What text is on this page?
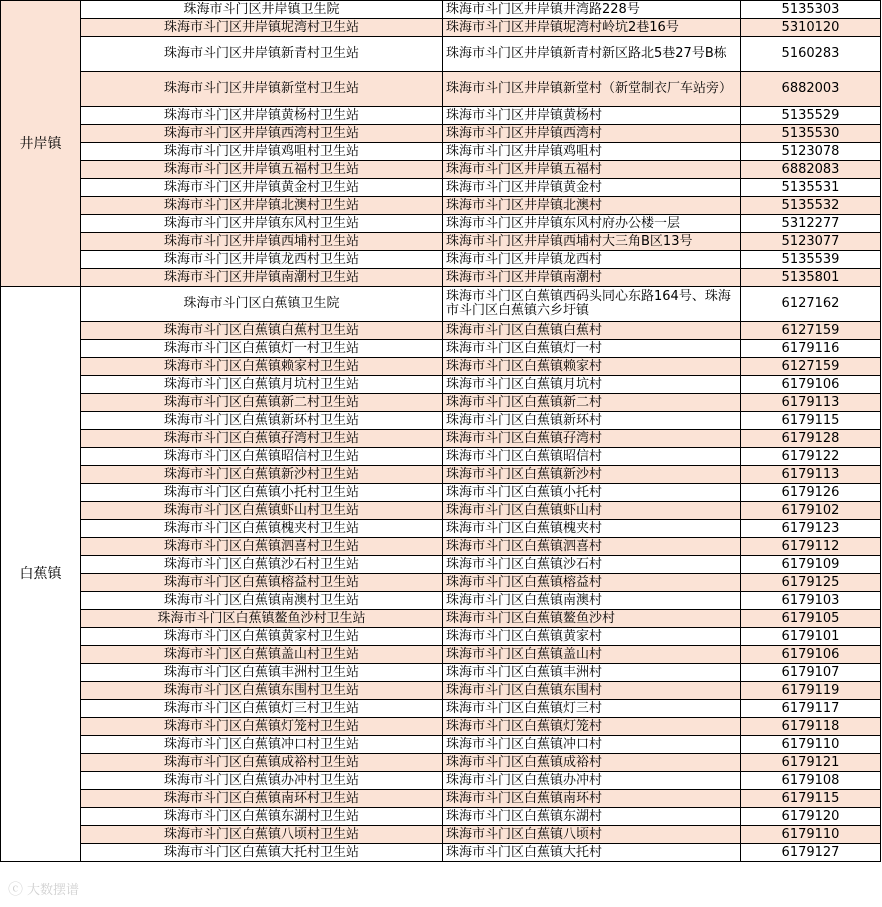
井岸镇	珠海市斗门区井岸镇卫生院	珠海市斗门区井岸镇井湾路228号	5135303
	珠海市斗门区井岸镇坭湾村卫生站	珠海市斗门区井岸镇坭湾村岭坑2巷16号	5310120
	珠海市斗门区井岸镇新青村卫生站	珠海市斗门区井岸镇新青村新区路北5巷27号B栋	5160283
	珠海市斗门区井岸镇新堂村卫生站	珠海市斗门区井岸镇新堂村（新堂制衣厂车站旁）	6882003
	珠海市斗门区井岸镇黄杨村卫生站	珠海市斗门区井岸镇黄杨村	5135529
	珠海市斗门区井岸镇西湾村卫生站	珠海市斗门区井岸镇西湾村	5135530
	珠海市斗门区井岸镇鸡咀村卫生站	珠海市斗门区井岸镇鸡咀村	5123078
	珠海市斗门区井岸镇五福村卫生站	珠海市斗门区井岸镇五福村	6882083
	珠海市斗门区井岸镇黄金村卫生站	珠海市斗门区井岸镇黄金村	5135531
	珠海市斗门区井岸镇北澳村卫生站	珠海市斗门区井岸镇北澳村	5135532
	珠海市斗门区井岸镇东风村卫生站	珠海市斗门区井岸镇东风村府办公楼一层	5312277
	珠海市斗门区井岸镇西埔村卫生站	珠海市斗门区井岸镇西埔村大三角B区13号	5123077
	珠海市斗门区井岸镇龙西村卫生站	珠海市斗门区井岸镇龙西村	5135539
	珠海市斗门区井岸镇南潮村卫生站	珠海市斗门区井岸镇南潮村	5135801
白蕉镇	珠海市斗门区白蕉镇卫生院	珠海市斗门区白蕉镇西码头同心东路164号、珠海市斗门区白蕉镇六乡圩镇	6127162
	珠海市斗门区白蕉镇白蕉村卫生站	珠海市斗门区白蕉镇白蕉村	6127159
	珠海市斗门区白蕉镇灯一村卫生站	珠海市斗门区白蕉镇灯一村	6179116
	珠海市斗门区白蕉镇赖家村卫生站	珠海市斗门区白蕉镇赖家村	6127159
	珠海市斗门区白蕉镇月坑村卫生站	珠海市斗门区白蕉镇月坑村	6179106
	珠海市斗门区白蕉镇新二村卫生站	珠海市斗门区白蕉镇新二村	6179113
	珠海市斗门区白蕉镇新环村卫生站	珠海市斗门区白蕉镇新环村	6179115
	珠海市斗门区白蕉镇孖湾村卫生站	珠海市斗门区白蕉镇孖湾村	6179128
	珠海市斗门区白蕉镇昭信村卫生站	珠海市斗门区白蕉镇昭信村	6179122
	珠海市斗门区白蕉镇新沙村卫生站	珠海市斗门区白蕉镇新沙村	6179113
	珠海市斗门区白蕉镇小托村卫生站	珠海市斗门区白蕉镇小托村	6179126
	珠海市斗门区白蕉镇虾山村卫生站	珠海市斗门区白蕉镇虾山村	6179102
	珠海市斗门区白蕉镇槐夹村卫生站	珠海市斗门区白蕉镇槐夹村	6179123
	珠海市斗门区白蕉镇泗喜村卫生站	珠海市斗门区白蕉镇泗喜村	6179112
	珠海市斗门区白蕉镇沙石村卫生站	珠海市斗门区白蕉镇沙石村	6179109
	珠海市斗门区白蕉镇榕益村卫生站	珠海市斗门区白蕉镇榕益村	6179125
	珠海市斗门区白蕉镇南澳村卫生站	珠海市斗门区白蕉镇南澳村	6179103
	珠海市斗门区白蕉镇鳌鱼沙村卫生站	珠海市斗门区白蕉镇鳌鱼沙村	6179105
	珠海市斗门区白蕉镇黄家村卫生站	珠海市斗门区白蕉镇黄家村	6179101
	珠海市斗门区白蕉镇盖山村卫生站	珠海市斗门区白蕉镇盖山村	6179106
	珠海市斗门区白蕉镇丰洲村卫生站	珠海市斗门区白蕉镇丰洲村	6179107
	珠海市斗门区白蕉镇东围村卫生站	珠海市斗门区白蕉镇东围村	6179119
	珠海市斗门区白蕉镇灯三村卫生站	珠海市斗门区白蕉镇灯三村	6179117
	珠海市斗门区白蕉镇灯笼村卫生站	珠海市斗门区白蕉镇灯笼村	6179118
	珠海市斗门区白蕉镇冲口村卫生站	珠海市斗门区白蕉镇冲口村	6179110
	珠海市斗门区白蕉镇成裕村卫生站	珠海市斗门区白蕉镇成裕村	6179121
	珠海市斗门区白蕉镇办冲村卫生站	珠海市斗门区白蕉镇办冲村	6179108
	珠海市斗门区白蕉镇南环村卫生站	珠海市斗门区白蕉镇南环村	6179115
	珠海市斗门区白蕉镇东湖村卫生站	珠海市斗门区白蕉镇东湖村	6179120
	珠海市斗门区白蕉镇八顷村卫生站	珠海市斗门区白蕉镇八顷村	6179110
	珠海市斗门区白蕉镇大托村卫生站	珠海市斗门区白蕉镇大托村	6179127
ⓒ 大数摆谱
